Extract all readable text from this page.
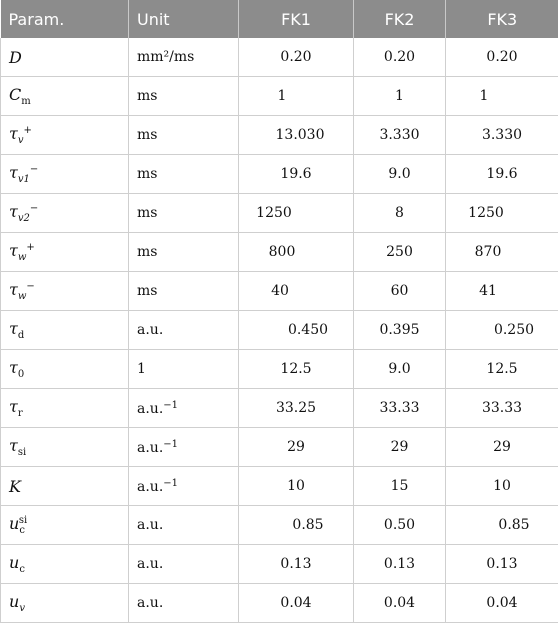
Param.	Unit	FK1	FK2	FK3
D	mm²/ms	0.20	0.20	0.20
$C_m$	ms	1	1	1
$\tau_v^+$	ms	13.030	3.330	3.330
$\tau_{v1}^-$	ms	19.6	9.0	19.6
$\tau_{v2}^-$	ms	1250	8	1250
$\tau_w^+$	ms	800	250	870
$\tau_w^-$	ms	40	60	41
$\tau_d$	a.u.	0.450	0.395	0.250
$\tau_0$	1	12.5	9.0	12.5
$\tau_r$	a.u.$^{-1}$	33.25	33.33	33.33
$\tau_{si}$	a.u.$^{-1}$	29	29	29
K	a.u.$^{-1}$	10	15	10
$u_c^{si}$	a.u.	0.85	0.50	0.85
$u_c$	a.u.	0.13	0.13	0.13
$u_v$	a.u.	0.04	0.04	0.04
